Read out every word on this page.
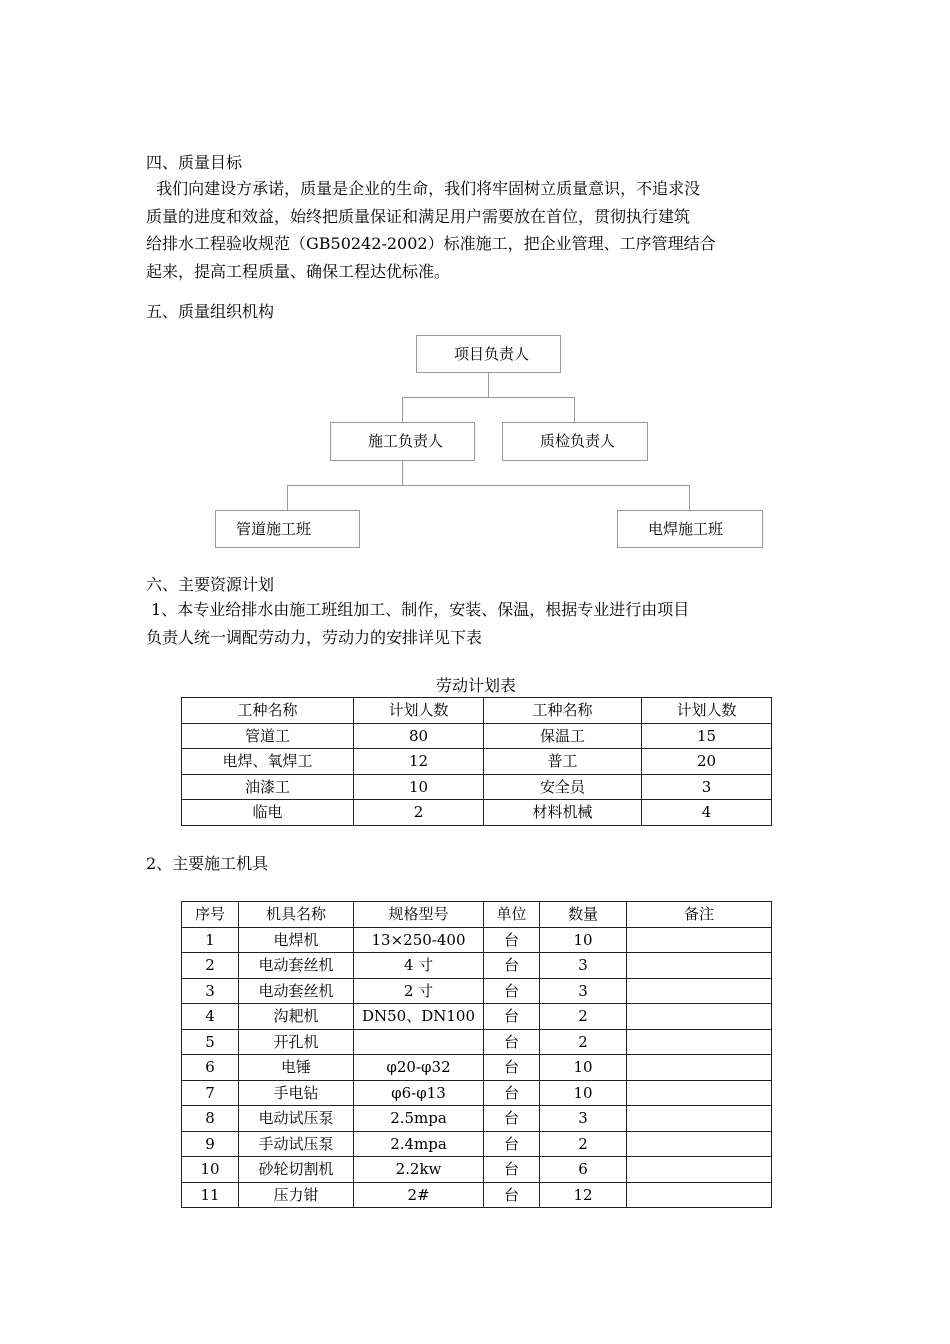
四、质量目标

我们向建设方承诺，质量是企业的生命，我们将牢固树立质量意识，不追求没

质量的进度和效益，始终把质量保证和满足用户需要放在首位，贯彻执行建筑

给排水工程验收规范（GB50242-2002）标准施工，把企业管理、工序管理结合

起来，提高工程质量、确保工程达优标准。

五、质量组织机构
项目负责人
施工负责人	质检负责人
管道施工班	电焊施工班
六、主要资源计划

1、本专业给排水由施工班组加工、制作，安装、保温，根据专业进行由项目

负责人统一调配劳动力，劳动力的安排详见下表

劳动计划表
工种名称	计划人数	工种名称	计划人数
管道工	80	保温工	15
电焊、氧焊工	12	普工	20
油漆工	10	安全员	3
临电	2	材料机械	4
2、主要施工机具
序号	机具名称	规格型号	单位	数量	备注
1	电焊机	13×250-400	台	10	
2	电动套丝机	4 寸	台	3	
3	电动套丝机	2 寸	台	3	
4	沟耙机	DN50、DN100	台	2	
5	开孔机		台	2	
6	电锤	φ20-φ32	台	10	
7	手电钻	φ6-φ13	台	10	
8	电动试压泵	2.5mpa	台	3	
9	手动试压泵	2.4mpa	台	2	
10	砂轮切割机	2.2kw	台	6	
11	压力钳	2#	台	12	
